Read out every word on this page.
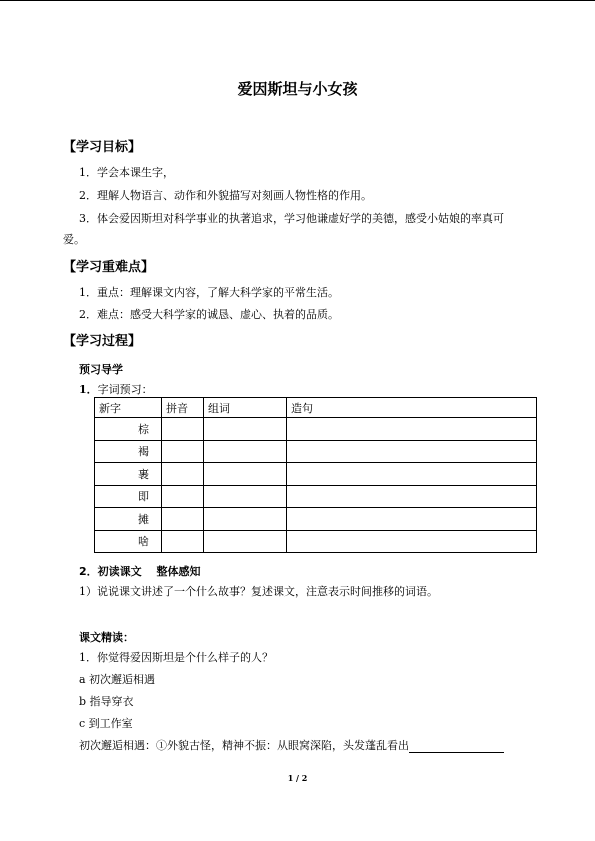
爱因斯坦与小女孩
【学习目标】
1．学会本课生字，
2．理解人物语言、动作和外貌描写对刻画人物性格的作用。
3．体会爱因斯坦对科学事业的执著追求，学习他谦虚好学的美德，感受小姑娘的率真可
爱。
【学习重难点】
1．重点：理解课文内容，了解大科学家的平常生活。
2．难点：感受大科学家的诚恳、虚心、执着的品质。
【学习过程】
预习导学
1．字词预习：
新字	拼音	组词	造句
棕			
褐			
裹			
即			
摊			
啥			
2．初读课文　 整体感知
1）说说课文讲述了一个什么故事？复述课文，注意表示时间推移的词语。
课文精读：
1．你觉得爱因斯坦是个什么样子的人？
a 初次邂逅相遇
b 指导穿衣
c 到工作室
初次邂逅相遇：①外貌古怪，精神不振：从眼窝深陷，头发蓬乱看出
1 / 2
